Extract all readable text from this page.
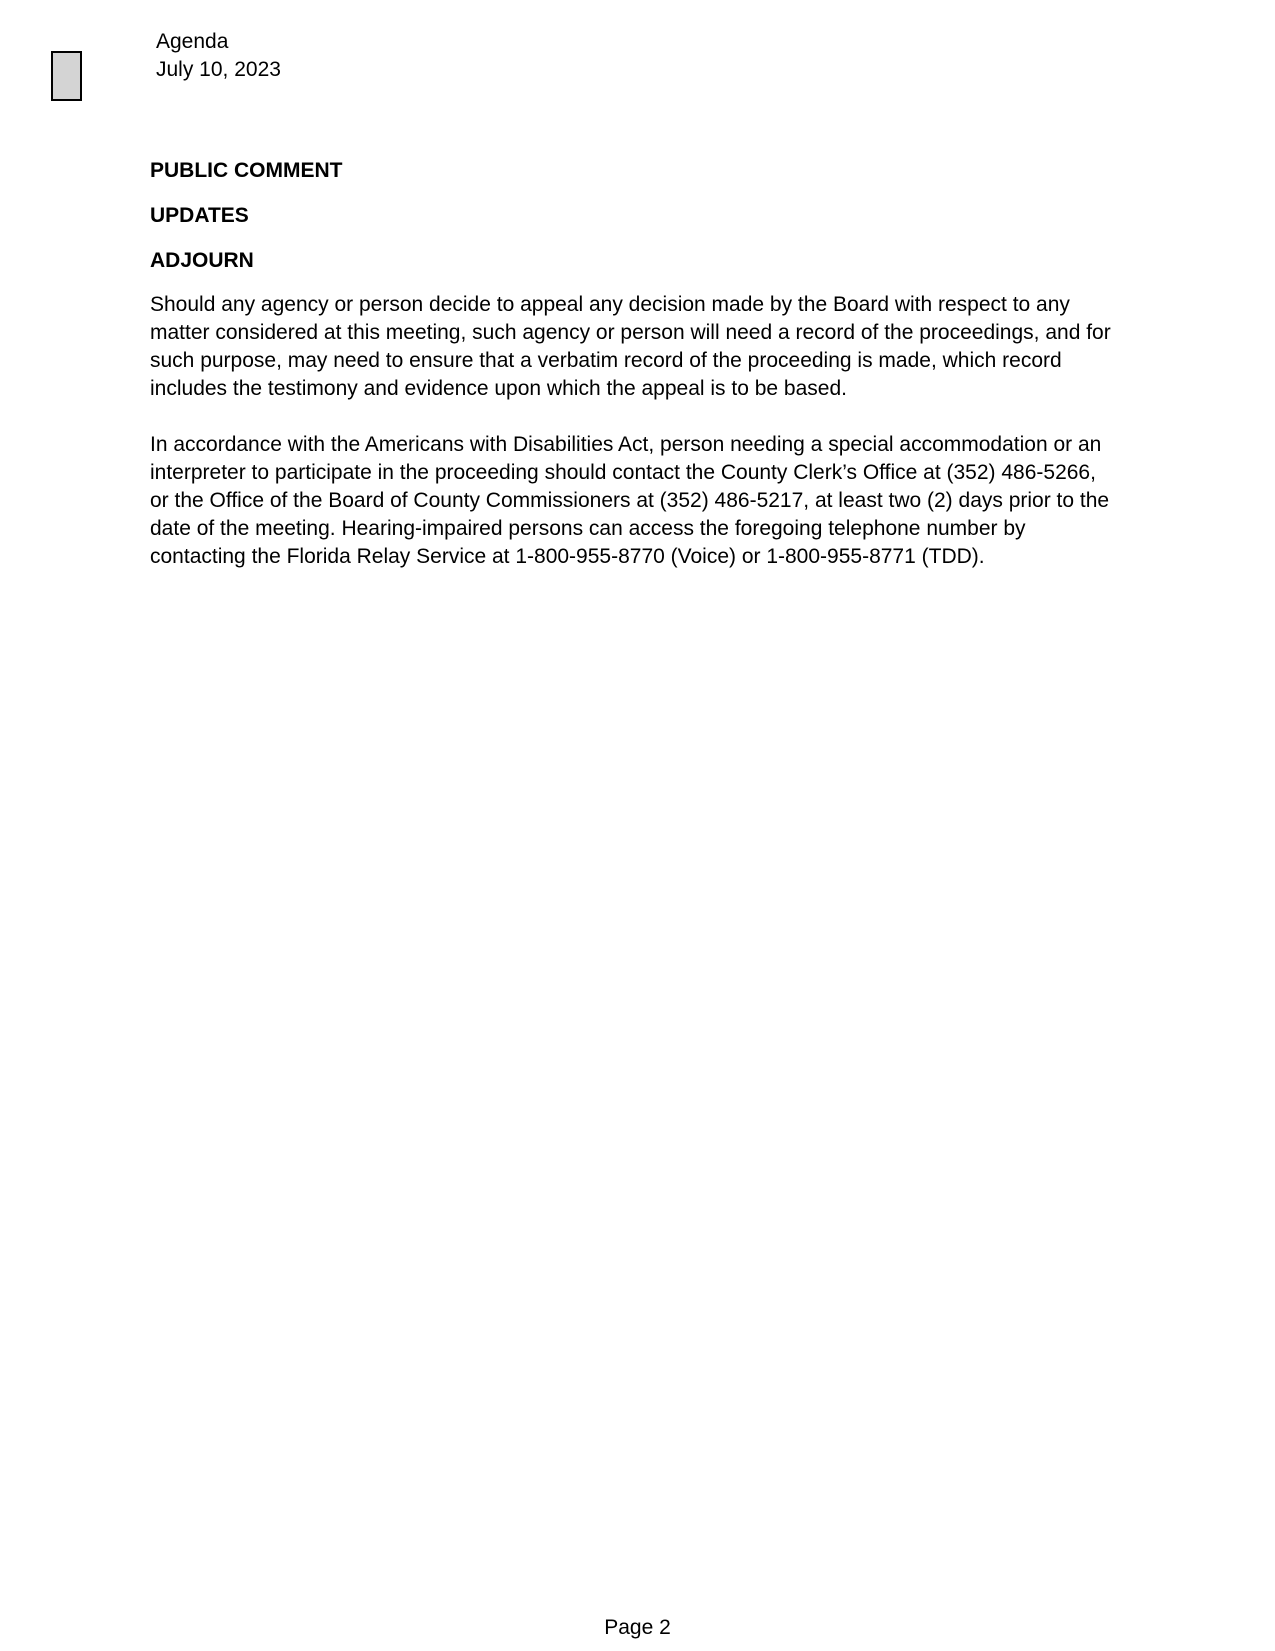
Agenda
July 10, 2023

PUBLIC COMMENT

UPDATES

ADJOURN

Should any agency or person decide to appeal any decision made by the Board with respect to any
matter considered at this meeting, such agency or person will need a record of the proceedings, and for
such purpose, may need to ensure that a verbatim record of the proceeding is made, which record
includes the testimony and evidence upon which the appeal is to be based.

In accordance with the Americans with Disabilities Act, person needing a special accommodation or an
interpreter to participate in the proceeding should contact the County Clerk’s Office at (352) 486-5266,
or the Office of the Board of County Commissioners at (352) 486-5217, at least two (2) days prior to the
date of the meeting. Hearing-impaired persons can access the foregoing telephone number by
contacting the Florida Relay Service at 1-800-955-8770 (Voice) or 1-800-955-8771 (TDD).

Page 2
